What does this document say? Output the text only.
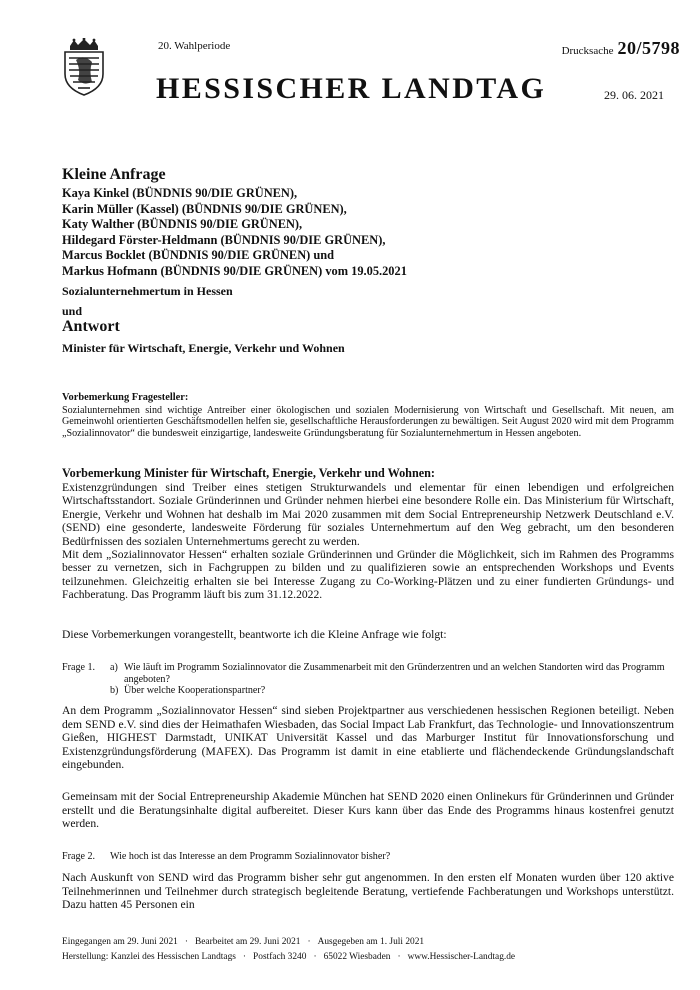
20. Wahlperiode	Drucksache 20/5798
HESSISCHER LANDTAG	29. 06. 2021
Kleine Anfrage
Kaya Kinkel (BÜNDNIS 90/DIE GRÜNEN),
Karin Müller (Kassel) (BÜNDNIS 90/DIE GRÜNEN),
Katy Walther (BÜNDNIS 90/DIE GRÜNEN),
Hildegard Förster-Heldmann (BÜNDNIS 90/DIE GRÜNEN),
Marcus Bocklet (BÜNDNIS 90/DIE GRÜNEN) und
Markus Hofmann (BÜNDNIS 90/DIE GRÜNEN) vom 19.05.2021
Sozialunternehmertum in Hessen
und
Antwort
Minister für Wirtschaft, Energie, Verkehr und Wohnen
Vorbemerkung Fragesteller:
Sozialunternehmen sind wichtige Antreiber einer ökologischen und sozialen Modernisierung von Wirtschaft und Gesellschaft. Mit neuen, am Gemeinwohl orientierten Geschäftsmodellen helfen sie, gesellschaftliche Herausforderungen zu bewältigen. Seit August 2020 wird mit dem Programm „Sozialinnovator“ die bundesweit einzigartige, landesweite Gründungsberatung für Sozialunternehmertum in Hessen angeboten.
Vorbemerkung Minister für Wirtschaft, Energie, Verkehr und Wohnen:

Existenzgründungen sind Treiber eines stetigen Strukturwandels und elementar für einen lebendigen und erfolgreichen Wirtschaftsstandort. Soziale Gründerinnen und Gründer nehmen hierbei eine besondere Rolle ein. Das Ministerium für Wirtschaft, Energie, Verkehr und Wohnen hat deshalb im Mai 2020 zusammen mit dem Social Entrepreneurship Netzwerk Deutschland e.V. (SEND) eine gesonderte, landesweite Förderung für soziales Unternehmertum auf den Weg gebracht, um den besonderen Bedürfnissen des sozialen Unternehmertums gerecht zu werden.

Mit dem „Sozialinnovator Hessen“ erhalten soziale Gründerinnen und Gründer die Möglichkeit, sich im Rahmen des Programms besser zu vernetzen, sich in Fachgruppen zu bilden und zu qualifizieren sowie an entsprechenden Workshops und Events teilzunehmen. Gleichzeitig erhalten sie bei Interesse Zugang zu Co-Working-Plätzen und zu einer fundierten Gründungs- und Fachberatung. Das Programm läuft bis zum 31.12.2022.

Diese Vorbemerkungen vorangestellt, beantworte ich die Kleine Anfrage wie folgt:
Frage 1. a) Wie läuft im Programm Sozialinnovator die Zusammenarbeit mit den Gründerzentren und an welchen Standorten wird das Programm angeboten?
b) Über welche Kooperationspartner?
An dem Programm „Sozialinnovator Hessen“ sind sieben Projektpartner aus verschiedenen hessischen Regionen beteiligt. Neben dem SEND e.V. sind dies der Heimathafen Wiesbaden, das Social Impact Lab Frankfurt, das Technologie- und Innovationszentrum Gießen, HIGHEST Darmstadt, UNIKAT Universität Kassel und das Marburger Institut für Innovationsforschung und Existenzgründungsförderung (MAFEX). Das Programm ist damit in eine etablierte und flächendeckende Gründungslandschaft eingebunden.
Gemeinsam mit der Social Entrepreneurship Akademie München hat SEND 2020 einen Onlinekurs für Gründerinnen und Gründer erstellt und die Beratungsinhalte digital aufbereitet. Dieser Kurs kann über das Ende des Programms hinaus kostenfrei genutzt werden.
Frage 2. Wie hoch ist das Interesse an dem Programm Sozialinnovator bisher?
Nach Auskunft von SEND wird das Programm bisher sehr gut angenommen. In den ersten elf Monaten wurden über 120 aktive Teilnehmerinnen und Teilnehmer durch strategisch begleitende Beratung, vertiefende Fachberatungen und Workshops unterstützt. Dazu hatten 45 Personen ein
Eingegangen am 29. Juni 2021 · Bearbeitet am 29. Juni 2021 · Ausgegeben am 1. Juli 2021
Herstellung: Kanzlei des Hessischen Landtags · Postfach 3240 · 65022 Wiesbaden · www.Hessischer-Landtag.de
